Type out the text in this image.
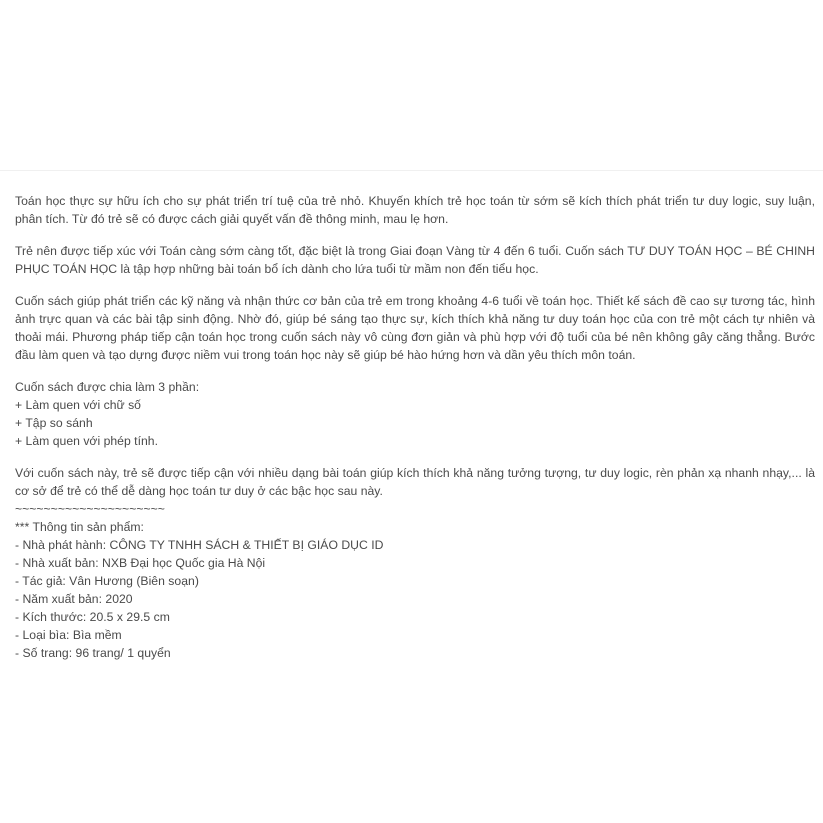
Toán học thực sự hữu ích cho sự phát triển trí tuệ của trẻ nhỏ. Khuyến khích trẻ học toán từ sớm sẽ kích thích phát triển tư duy logic, suy luận, phân tích. Từ đó trẻ sẽ có được cách giải quyết vấn đề thông minh, mau lẹ hơn.

Trẻ nên được tiếp xúc với Toán càng sớm càng tốt, đặc biệt là trong Giai đoạn Vàng từ 4 đến 6 tuổi. Cuốn sách TƯ DUY TOÁN HỌC – BÉ CHINH PHỤC TOÁN HỌC là tập hợp những bài toán bổ ích dành cho lứa tuổi từ mầm non đến tiểu học.

Cuốn sách giúp phát triển các kỹ năng và nhận thức cơ bản của trẻ em trong khoảng 4-6 tuổi về toán học. Thiết kế sách đề cao sự tương tác, hình ảnh trực quan và các bài tập sinh động. Nhờ đó, giúp bé sáng tạo thực sự, kích thích khả năng tư duy toán học của con trẻ một cách tự nhiên và thoải mái. Phương pháp tiếp cận toán học trong cuốn sách này vô cùng đơn giản và phù hợp với độ tuổi của bé nên không gây căng thẳng. Bước đầu làm quen và tạo dựng được niềm vui trong toán học này sẽ giúp bé hào hứng hơn và dần yêu thích môn toán.

Cuốn sách được chia làm 3 phần:
+ Làm quen với chữ số
+ Tập so sánh
+ Làm quen với phép tính.

Với cuốn sách này, trẻ sẽ được tiếp cận với nhiều dạng bài toán giúp kích thích khả năng tưởng tượng, tư duy logic, rèn phản xạ nhanh nhạy,... là cơ sở để trẻ có thể dễ dàng học toán tư duy ở các bậc học sau này.

~~~~~~~~~~~~~~~~~~~~~
*** Thông tin sản phẩm:
- Nhà phát hành: CÔNG TY TNHH SÁCH & THIẾT BỊ GIÁO DỤC ID
- Nhà xuất bản: NXB Đại học Quốc gia Hà Nội
- Tác giả: Vân Hương (Biên soạn)
- Năm xuất bản: 2020
- Kích thước: 20.5 x 29.5 cm
- Loại bìa: Bìa mềm
- Số trang: 96 trang/ 1 quyển
